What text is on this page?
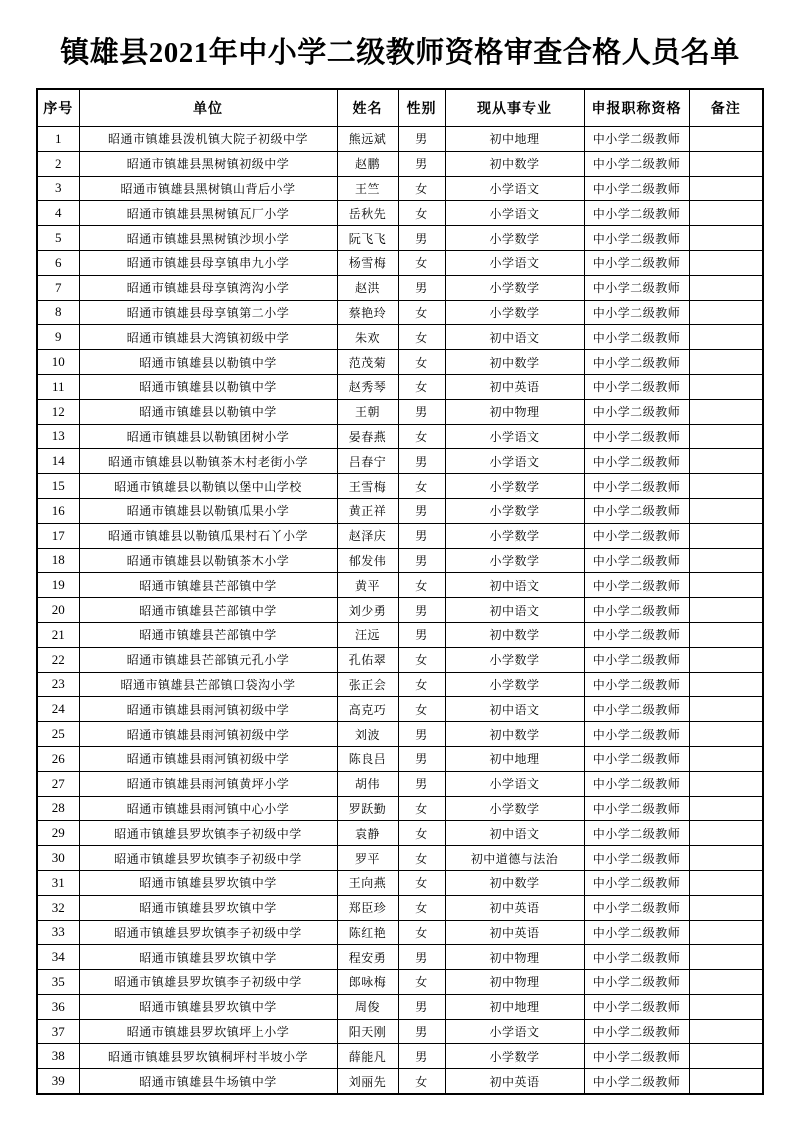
镇雄县2021年中小学二级教师资格审查合格人员名单
序号	单位	姓名	性别	现从事专业	申报职称资格	备注
1	昭通市镇雄县泼机镇大院子初级中学	熊远斌	男	初中地理	中小学二级教师	
2	昭通市镇雄县黑树镇初级中学	赵鹏	男	初中数学	中小学二级教师	
3	昭通市镇雄县黑树镇山背后小学	王竺	女	小学语文	中小学二级教师	
4	昭通市镇雄县黑树镇瓦厂小学	岳秋先	女	小学语文	中小学二级教师	
5	昭通市镇雄县黑树镇沙坝小学	阮飞飞	男	小学数学	中小学二级教师	
6	昭通市镇雄县母享镇串九小学	杨雪梅	女	小学语文	中小学二级教师	
7	昭通市镇雄县母享镇湾沟小学	赵洪	男	小学数学	中小学二级教师	
8	昭通市镇雄县母享镇第二小学	蔡艳玲	女	小学数学	中小学二级教师	
9	昭通市镇雄县大湾镇初级中学	朱欢	女	初中语文	中小学二级教师	
10	昭通市镇雄县以勒镇中学	范茂菊	女	初中数学	中小学二级教师	
11	昭通市镇雄县以勒镇中学	赵秀琴	女	初中英语	中小学二级教师	
12	昭通市镇雄县以勒镇中学	王朝	男	初中物理	中小学二级教师	
13	昭通市镇雄县以勒镇团树小学	晏春燕	女	小学语文	中小学二级教师	
14	昭通市镇雄县以勒镇茶木村老街小学	吕春宁	男	小学语文	中小学二级教师	
15	昭通市镇雄县以勒镇以堡中山学校	王雪梅	女	小学数学	中小学二级教师	
16	昭通市镇雄县以勒镇瓜果小学	黄正祥	男	小学数学	中小学二级教师	
17	昭通市镇雄县以勒镇瓜果村石丫小学	赵泽庆	男	小学数学	中小学二级教师	
18	昭通市镇雄县以勒镇茶木小学	郁发伟	男	小学数学	中小学二级教师	
19	昭通市镇雄县芒部镇中学	黄平	女	初中语文	中小学二级教师	
20	昭通市镇雄县芒部镇中学	刘少勇	男	初中语文	中小学二级教师	
21	昭通市镇雄县芒部镇中学	汪远	男	初中数学	中小学二级教师	
22	昭通市镇雄县芒部镇元孔小学	孔佑翠	女	小学数学	中小学二级教师	
23	昭通市镇雄县芒部镇口袋沟小学	张正会	女	小学数学	中小学二级教师	
24	昭通市镇雄县雨河镇初级中学	高克巧	女	初中语文	中小学二级教师	
25	昭通市镇雄县雨河镇初级中学	刘波	男	初中数学	中小学二级教师	
26	昭通市镇雄县雨河镇初级中学	陈良吕	男	初中地理	中小学二级教师	
27	昭通市镇雄县雨河镇黄坪小学	胡伟	男	小学语文	中小学二级教师	
28	昭通市镇雄县雨河镇中心小学	罗跃勤	女	小学数学	中小学二级教师	
29	昭通市镇雄县罗坎镇李子初级中学	袁静	女	初中语文	中小学二级教师	
30	昭通市镇雄县罗坎镇李子初级中学	罗平	女	初中道德与法治	中小学二级教师	
31	昭通市镇雄县罗坎镇中学	王向燕	女	初中数学	中小学二级教师	
32	昭通市镇雄县罗坎镇中学	郑臣珍	女	初中英语	中小学二级教师	
33	昭通市镇雄县罗坎镇李子初级中学	陈红艳	女	初中英语	中小学二级教师	
34	昭通市镇雄县罗坎镇中学	程安勇	男	初中物理	中小学二级教师	
35	昭通市镇雄县罗坎镇李子初级中学	郎咏梅	女	初中物理	中小学二级教师	
36	昭通市镇雄县罗坎镇中学	周俊	男	初中地理	中小学二级教师	
37	昭通市镇雄县罗坎镇坪上小学	阳天刚	男	小学语文	中小学二级教师	
38	昭通市镇雄县罗坎镇桐坪村半坡小学	薛能凡	男	小学数学	中小学二级教师	
39	昭通市镇雄县牛场镇中学	刘丽先	女	初中英语	中小学二级教师	
